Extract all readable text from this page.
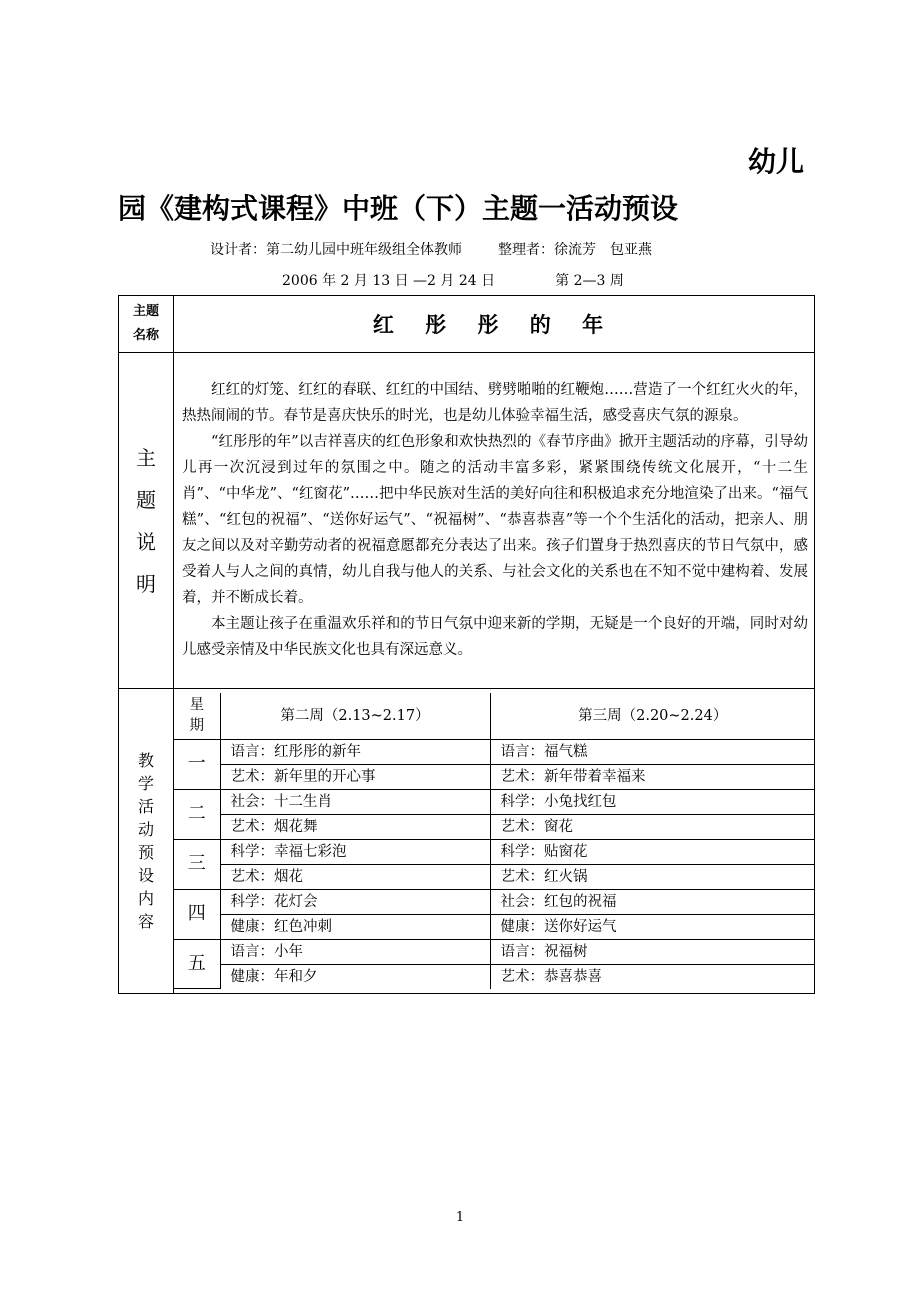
幼儿
园《建构式课程》中班（下）主题一活动预设
设计者：第二幼儿园中班年级组全体教师	整理者：徐流芳　包亚燕
2006 年 2 月 13 日 —2 月 24 日	第 2—3 周
主题
名称	红 彤 彤 的 年

主
题
说
明

红红的灯笼、红红的春联、红红的中国结、劈劈啪啪的红鞭炮……营造了一个红红火火的年，热热闹闹的节。春节是喜庆快乐的时光，也是幼儿体验幸福生活，感受喜庆气氛的源泉。

“红彤彤的年”以吉祥喜庆的红色形象和欢快热烈的《春节序曲》掀开主题活动的序幕，引导幼儿再一次沉浸到过年的氛围之中。随之的活动丰富多彩，紧紧围绕传统文化展开，“十二生肖”、“中华龙”、“红窗花”……把中华民族对生活的美好向往和积极追求充分地渲染了出来。“福气糕”、“红包的祝福”、“送你好运气”、“祝福树”、“恭喜恭喜”等一个个生活化的活动，把亲人、朋友之间以及对辛勤劳动者的祝福意愿都充分表达了出来。孩子们置身于热烈喜庆的节日气氛中，感受着人与人之间的真情，幼儿自我与他人的关系、与社会文化的关系也在不知不觉中建构着、发展着，并不断成长着。

本主题让孩子在重温欢乐祥和的节日气氛中迎来新的学期，无疑是一个良好的开端，同时对幼儿感受亲情及中华民族文化也具有深远意义。

教
学
活
动
预
设
内
容

星
期
	第二周（2.13~2.17）	第三周（2.20~2.24）
一	语言：红彤彤的新年	语言：福气糕
艺术：新年里的开心事	艺术：新年带着幸福来
二	社会：十二生肖	科学：小兔找红包
艺术：烟花舞	艺术：窗花
三	科学：幸福七彩泡	科学：贴窗花
艺术：烟花	艺术：红火锅
四	科学：花灯会	社会：红包的祝福
健康：红色冲刺	健康：送你好运气
五	语言：小年	语言：祝福树
健康：年和夕	艺术：恭喜恭喜
1
